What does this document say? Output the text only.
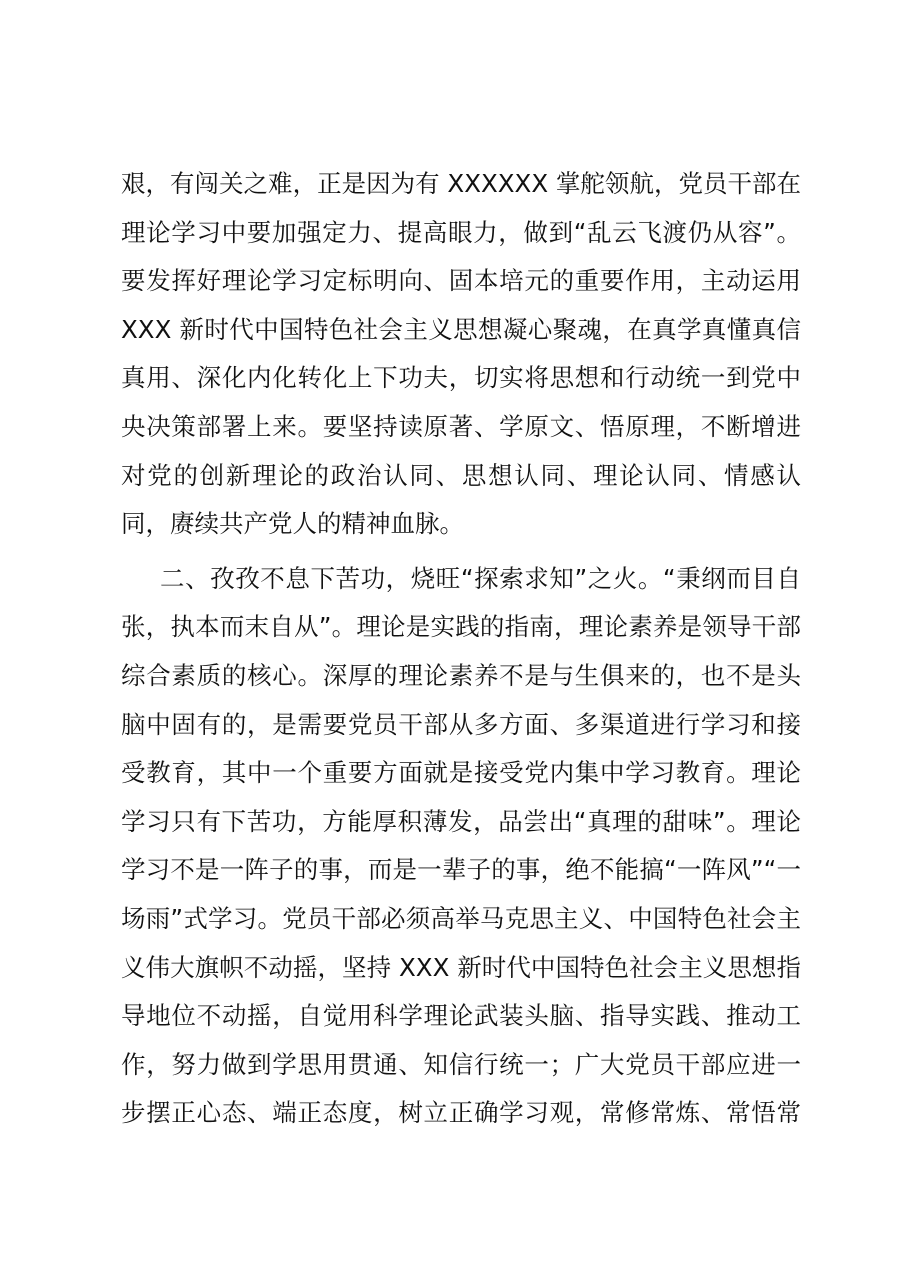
艰，有闯关之难，正是因为有 XXXXXX 掌舵领航，党员干部在
理论学习中要加强定力、提高眼力，做到“乱云飞渡仍从容”。
要发挥好理论学习定标明向、固本培元的重要作用，主动运用
XXX 新时代中国特色社会主义思想凝心聚魂，在真学真懂真信
真用、深化内化转化上下功夫，切实将思想和行动统一到党中
央决策部署上来。要坚持读原著、学原文、悟原理，不断增进
对党的创新理论的政治认同、思想认同、理论认同、情感认
同，赓续共产党人的精神血脉。
二、孜孜不息下苦功，烧旺“探索求知”之火。“秉纲而目自
张，执本而末自从”。理论是实践的指南，理论素养是领导干部
综合素质的核心。深厚的理论素养不是与生俱来的，也不是头
脑中固有的，是需要党员干部从多方面、多渠道进行学习和接
受教育，其中一个重要方面就是接受党内集中学习教育。理论
学习只有下苦功，方能厚积薄发，品尝出“真理的甜味”。理论
学习不是一阵子的事，而是一辈子的事，绝不能搞“一阵风”“一
场雨”式学习。党员干部必须高举马克思主义、中国特色社会主
义伟大旗帜不动摇，坚持 XXX 新时代中国特色社会主义思想指
导地位不动摇，自觉用科学理论武装头脑、指导实践、推动工
作，努力做到学思用贯通、知信行统一；广大党员干部应进一
步摆正心态、端正态度，树立正确学习观，常修常炼、常悟常
